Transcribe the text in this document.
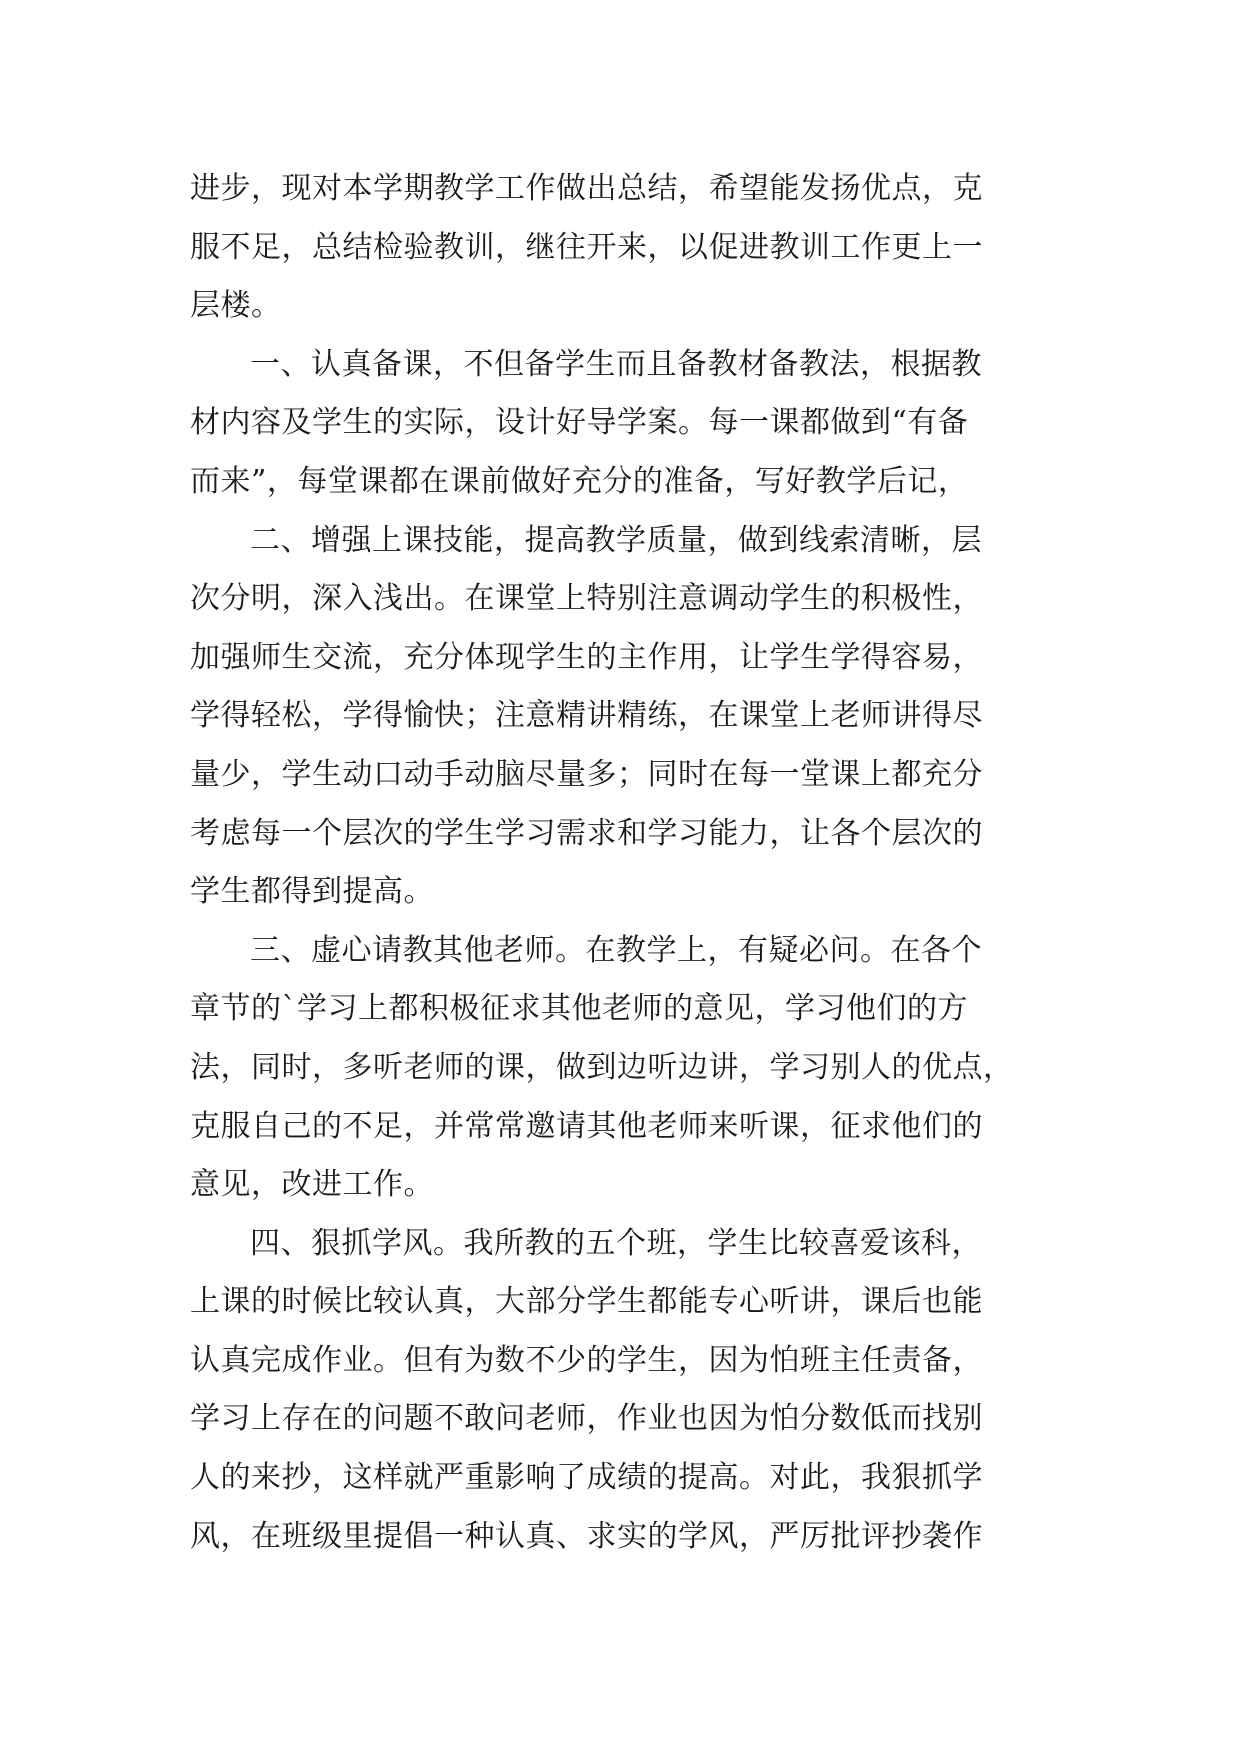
进步，现对本学期教学工作做出总结，希望能发扬优点，克
服不足，总结检验教训，继往开来，以促进教训工作更上一
层楼。
一、认真备课，不但备学生而且备教材备教法，根据教
材内容及学生的实际，设计好导学案。每一课都做到“有备
而来”，每堂课都在课前做好充分的准备，写好教学后记，
二、增强上课技能，提高教学质量，做到线索清晰，层
次分明，深入浅出。在课堂上特别注意调动学生的积极性，
加强师生交流，充分体现学生的主作用，让学生学得容易，
学得轻松，学得愉快；注意精讲精练，在课堂上老师讲得尽
量少，学生动口动手动脑尽量多；同时在每一堂课上都充分
考虑每一个层次的学生学习需求和学习能力，让各个层次的
学生都得到提高。
三、虚心请教其他老师。在教学上，有疑必问。在各个
章节的`学习上都积极征求其他老师的意见，学习他们的方
法，同时，多听老师的课，做到边听边讲，学习别人的优点，
克服自己的不足，并常常邀请其他老师来听课，征求他们的
意见，改进工作。
四、狠抓学风。我所教的五个班，学生比较喜爱该科，
上课的时候比较认真，大部分学生都能专心听讲，课后也能
认真完成作业。但有为数不少的学生，因为怕班主任责备，
学习上存在的问题不敢问老师，作业也因为怕分数低而找别
人的来抄，这样就严重影响了成绩的提高。对此，我狠抓学
风，在班级里提倡一种认真、求实的学风，严厉批评抄袭作
